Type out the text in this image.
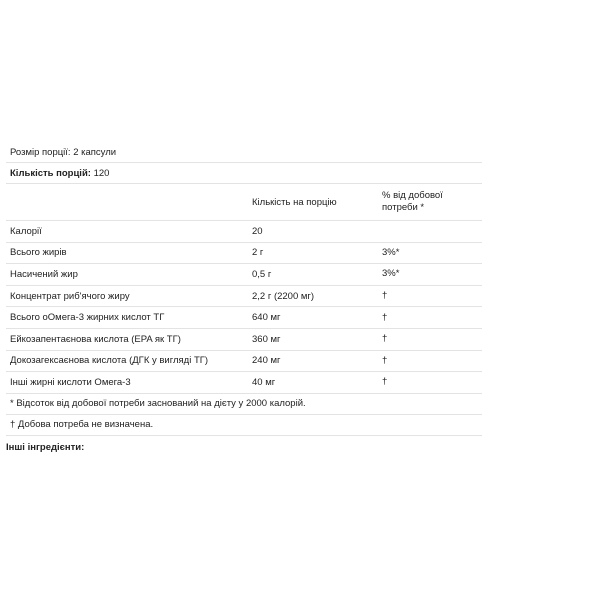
Розмір порції: 2 капсули
Кількість порцій:
120
Кількість на порцію
% від добової
потреби *
Калорії	20
Всього жирів	2 г	3%*
Насичений жир	0,5 г	3%*
Концентрат риб'ячого жиру	2,2 г (2200 мг)	†
Всього оОмега-3 жирних кислот ТГ	640 мг	†
Ейкозапентаєнова кислота (EPA як ТГ)	360 мг	†
Докозагексаєнова кислота (ДГК у вигляді ТГ)	240 мг	†
Інші жирні кислоти Омега-3	40 мг	†
* Відсоток від добової потреби заснований на дієту у 2000 калорій.
† Добова потреба не визначена.
Інші інгредієнти:
